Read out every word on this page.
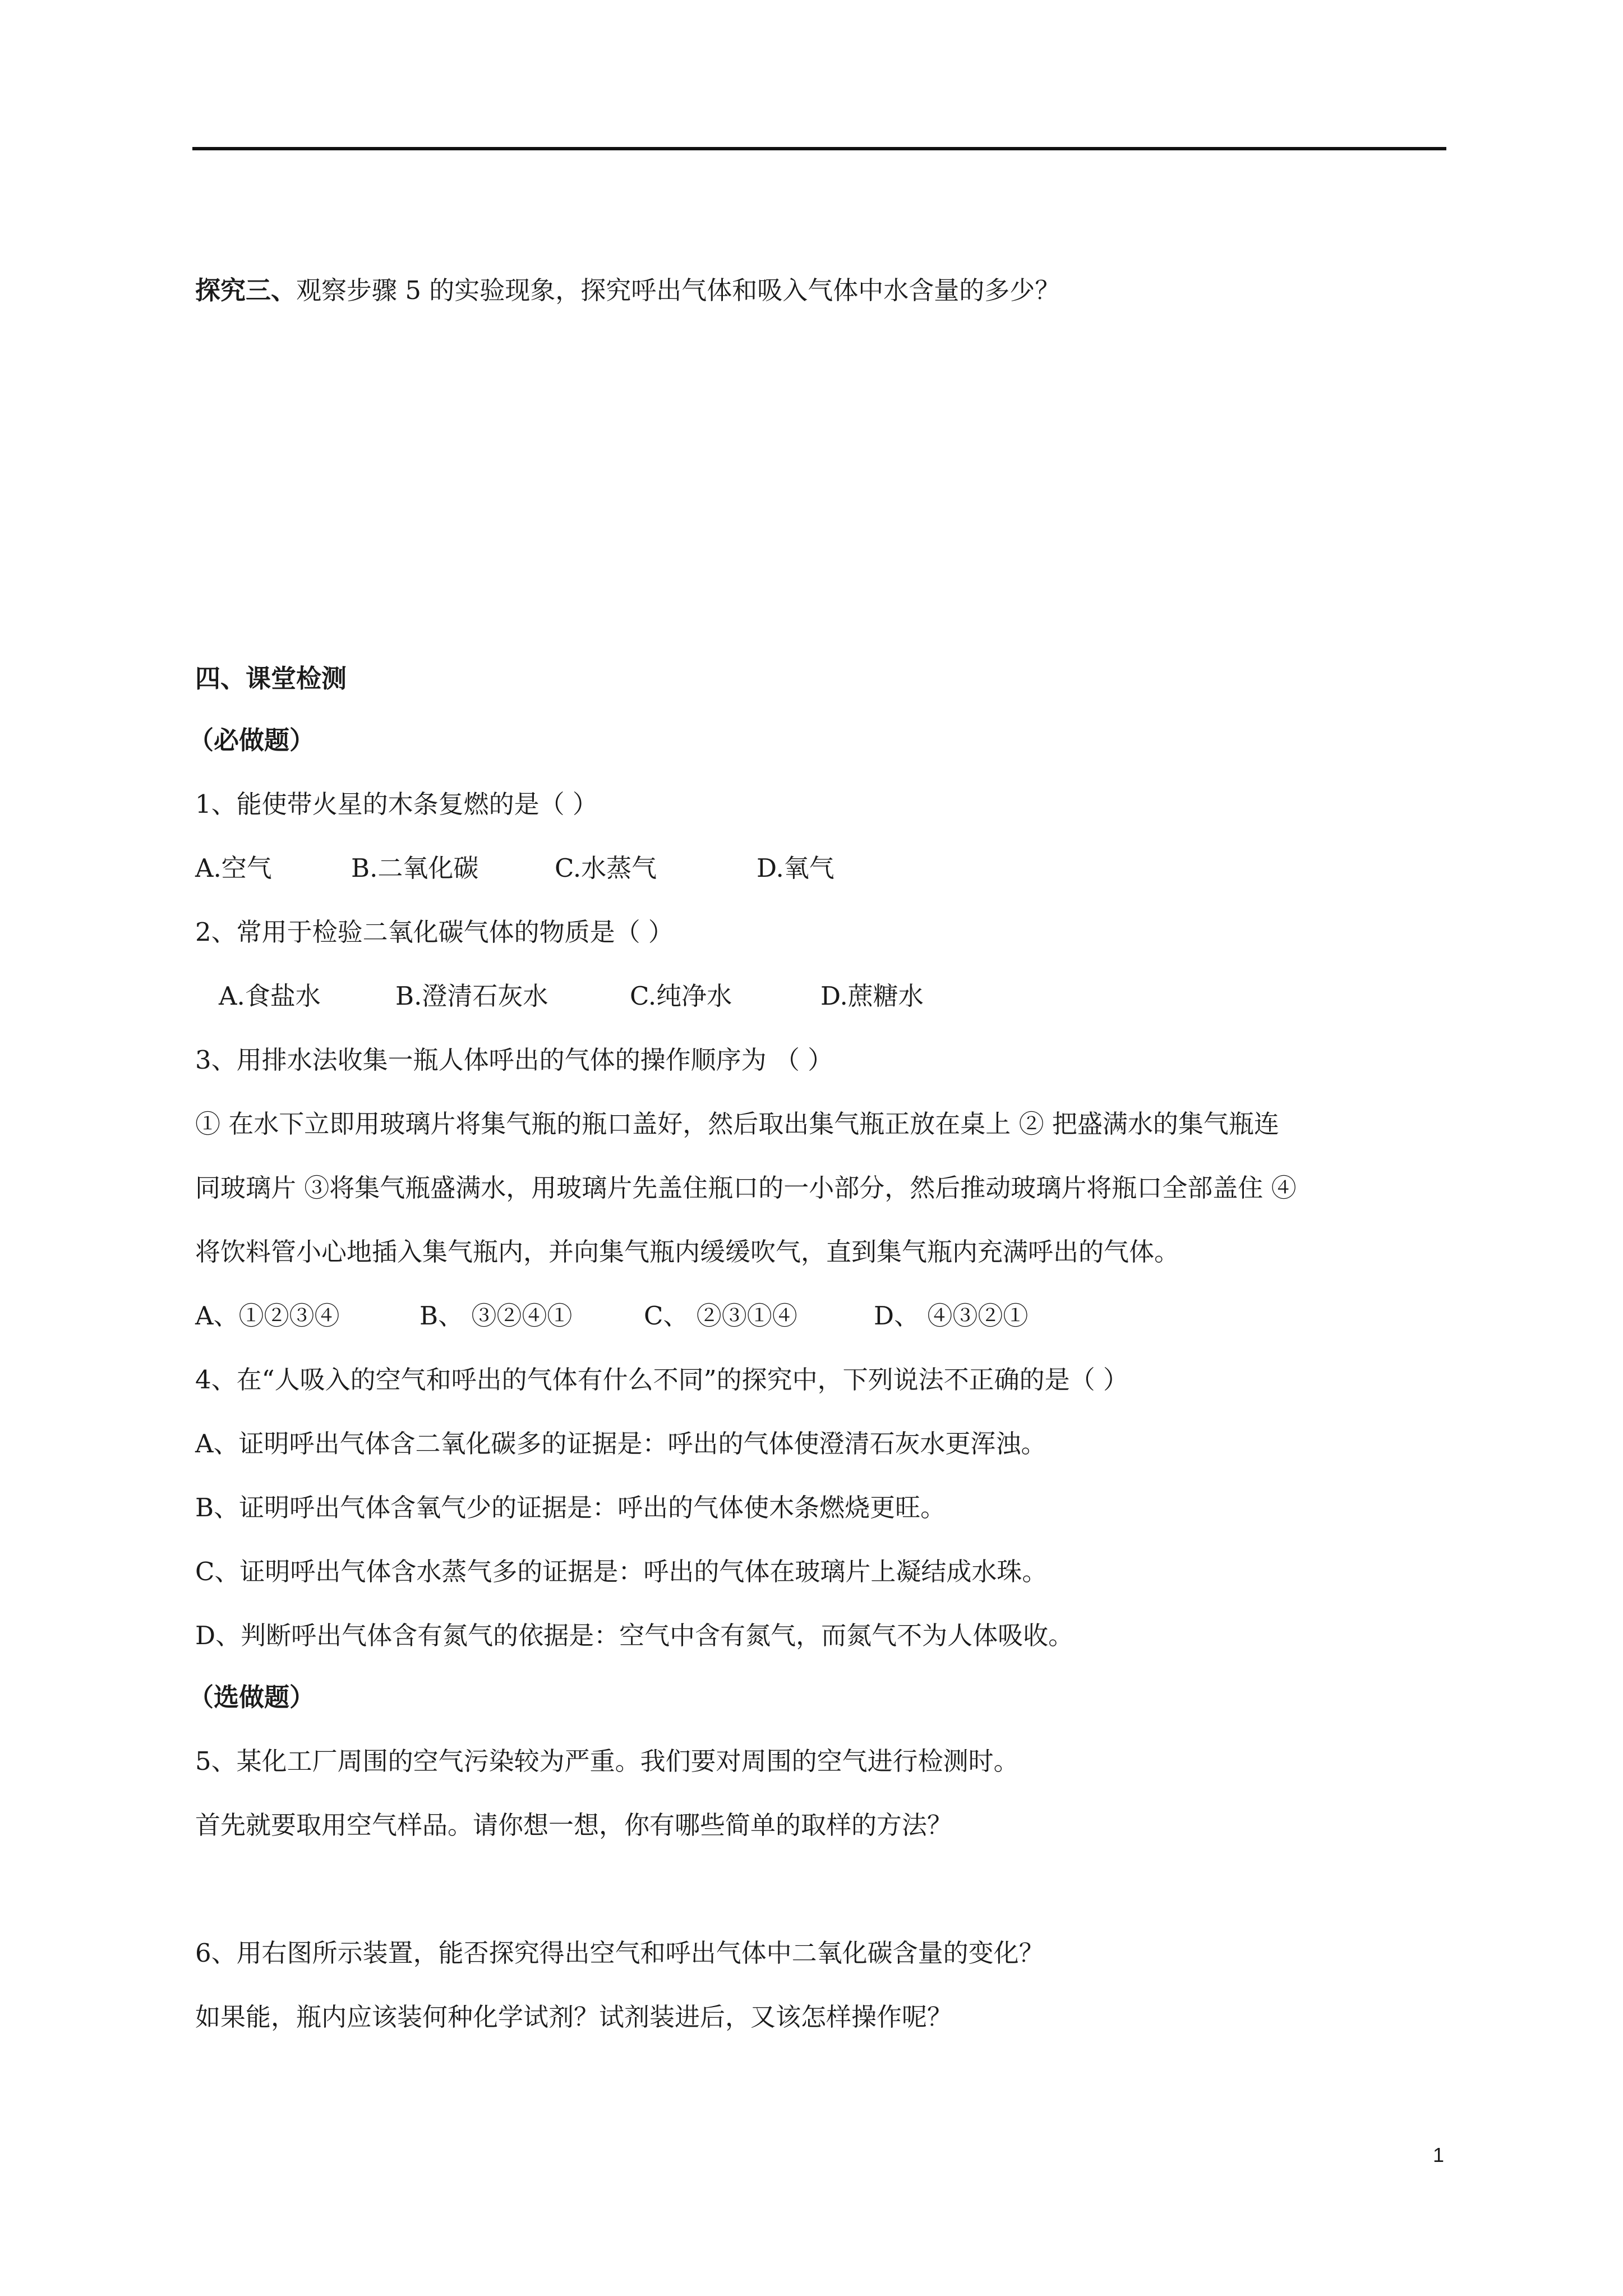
探究三、观察步骤 5 的实验现象，探究呼出气体和吸入气体中水含量的多少？

四、课堂检测

（必做题）

1、能使带火星的木条复燃的是（ ）

A.空气	B.二氧化碳	C.水蒸气	D.氧气

2、常用于检验二氧化碳气体的物质是（ ）

A.食盐水	B.澄清石灰水	C.纯净水	D.蔗糖水

3、用排水法收集一瓶人体呼出的气体的操作顺序为 （ ）

① 在水下立即用玻璃片将集气瓶的瓶口盖好，然后取出集气瓶正放在桌上 ② 把盛满水的集气瓶连

同玻璃片 ③将集气瓶盛满水，用玻璃片先盖住瓶口的一小部分，然后推动玻璃片将瓶口全部盖住 ④

将饮料管小心地插入集气瓶内，并向集气瓶内缓缓吹气，直到集气瓶内充满呼出的气体。

A、①②③④	B、 ③②④①	C、 ②③①④	D、 ④③②①

4、在“人吸入的空气和呼出的气体有什么不同”的探究中，下列说法不正确的是（ ）

A、证明呼出气体含二氧化碳多的证据是：呼出的气体使澄清石灰水更浑浊。

B、证明呼出气体含氧气少的证据是：呼出的气体使木条燃烧更旺。

C、证明呼出气体含水蒸气多的证据是：呼出的气体在玻璃片上凝结成水珠。

D、判断呼出气体含有氮气的依据是：空气中含有氮气，而氮气不为人体吸收。

（选做题）

5、某化工厂周围的空气污染较为严重。我们要对周围的空气进行检测时。

首先就要取用空气样品。请你想一想，你有哪些简单的取样的方法？

6、用右图所示装置，能否探究得出空气和呼出气体中二氧化碳含量的变化？

如果能，瓶内应该装何种化学试剂？试剂装进后，又该怎样操作呢？

1
